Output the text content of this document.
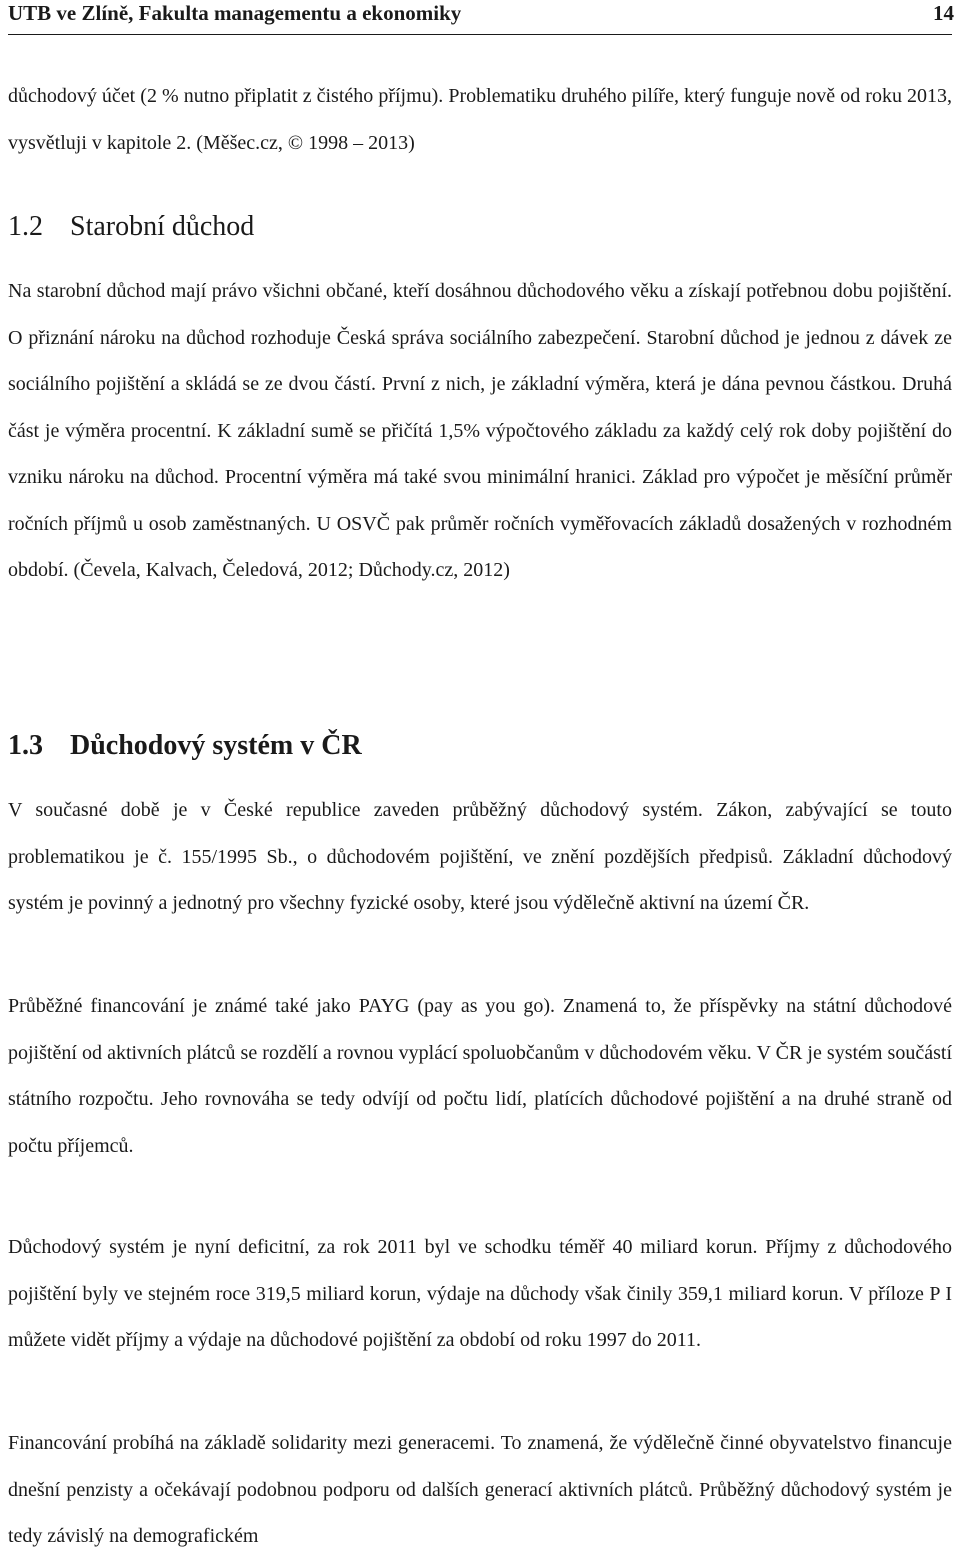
UTB ve Zlíně, Fakulta managementu a ekonomiky	14

důchodový účet (2 % nutno připlatit z čistého příjmu). Problematiku druhého pilíře, který funguje nově od roku 2013, vysvětluji v kapitole 2. (Měšec.cz, © 1998 – 2013)

1.2 Starobní důchod

Na starobní důchod mají právo všichni občané, kteří dosáhnou důchodového věku a získají potřebnou dobu pojištění. O přiznání nároku na důchod rozhoduje Česká správa sociálního zabezpečení. Starobní důchod je jednou z dávek ze sociálního pojištění a skládá se ze dvou částí. První z nich, je základní výměra, která je dána pevnou částkou. Druhá část je výměra procentní. K základní sumě se přičítá 1,5% výpočtového základu za každý celý rok doby pojištění do vzniku nároku na důchod. Procentní výměra má také svou minimální hranici. Základ pro výpočet je měsíční průměr ročních příjmů u osob zaměstnaných. U OSVČ pak průměr ročních vyměřovacích základů dosažených v rozhodném období. (Čevela, Kalvach, Čeledová, 2012; Důchody.cz, 2012)

1.3 Důchodový systém v ČR

V současné době je v České republice zaveden průběžný důchodový systém. Zákon, zabývající se touto problematikou je č. 155/1995 Sb., o důchodovém pojištění, ve znění pozdějších předpisů. Základní důchodový systém je povinný a jednotný pro všechny fyzické osoby, které jsou výdělečně aktivní na území ČR.

Průběžné financování je známé také jako PAYG (pay as you go). Znamená to, že příspěvky na státní důchodové pojištění od aktivních plátců se rozdělí a rovnou vyplácí spoluobčanům v důchodovém věku. V ČR je systém součástí státního rozpočtu. Jeho rovnováha se tedy odvíjí od počtu lidí, platících důchodové pojištění a na druhé straně od počtu příjemců.

Důchodový systém je nyní deficitní, za rok 2011 byl ve schodku téměř 40 miliard korun. Příjmy z důchodového pojištění byly ve stejném roce 319,5 miliard korun, výdaje na důchody však činily 359,1 miliard korun. V příloze P I můžete vidět příjmy a výdaje na důchodové pojištění za období od roku 1997 do 2011.

Financování probíhá na základě solidarity mezi generacemi. To znamená, že výdělečně činné obyvatelstvo financuje dnešní penzisty a očekávají podobnou podporu od dalších generací aktivních plátců. Průběžný důchodový systém je tedy závislý na demografickém
